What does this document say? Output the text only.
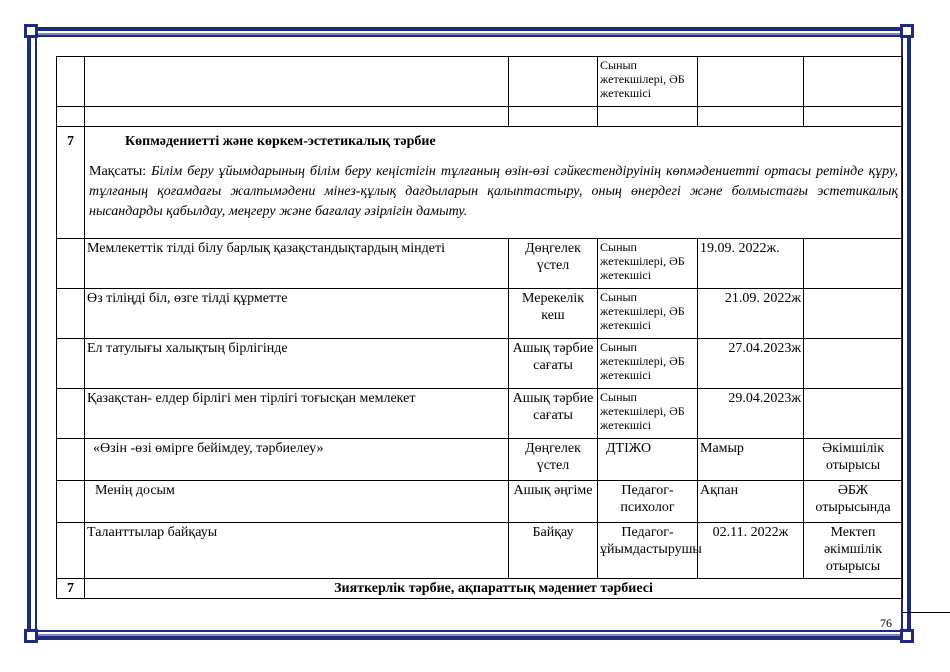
			Сынып жетекшілері, ӘБ жетекшісі		

7	Көпмәдениетті және көркем-эстетикалық тәрбие
Мақсаты: Білім беру ұйымдарының білім беру кеңістігін тұлғаның өзін-өзі сәйкестендіруінің көпмәдениетті ортасы ретінде құру, тұлғаның қоғамдағы жалпымәдени мінез-құлық дағдыларын қалыптастыру, оның өнердегі және болмыстағы эстетикалық нысандарды қабылдау, меңгеру және бағалау әзірлігін дамыту.				

	Мемлекеттік тілді білу барлық қазақстандықтардың міндеті	Дөңгелек үстел	Сынып жетекшілері, ӘБ жетекшісі	19.09. 2022ж.	
	Өз тіліңді біл, өзге тілді құрметте	Мерекелік кеш	Сынып жетекшілері, ӘБ жетекшісі	21.09. 2022ж	
	Ел татулығы халықтың бірлігінде	Ашық тәрбие сағаты	Сынып жетекшілері, ӘБ жетекшісі	27.04.2023ж	
	Қазақстан- елдер бірлігі мен тірлігі тоғысқан мемлекет	Ашық тәрбие сағаты	Сынып жетекшілері, ӘБ жетекшісі	29.04.2023ж	
	«Өзін -өзі өмірге бейімдеу, тәрбиелеу»	Дөңгелек үстел	ДТІЖО	Мамыр	Әкімшілік отырысы
	Менің досым	Ашық әңгіме	Педагог-психолог	Ақпан	ӘБЖ отырысында
	Таланттылар байқауы	Байқау	Педагог-ұйымдастырушы	02.11. 2022ж	Мектеп әкімшілік отырысы
7	Зияткерлік тәрбие, ақпараттық мәдениет тәрбиесі				
76
